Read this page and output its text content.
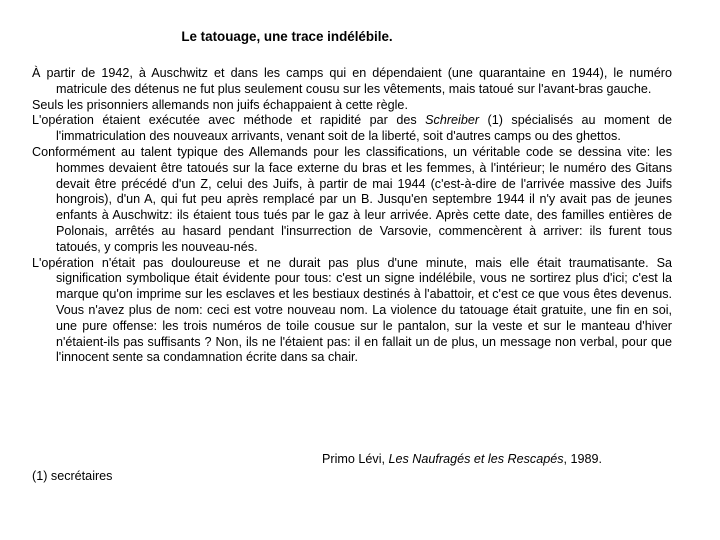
Le tatouage, une trace indélébile.

À partir de 1942, à Auschwitz et dans les camps qui en dépendaient (une quarantaine en 1944), le numéro matricule des détenus ne fut plus seulement cousu sur les vêtements, mais tatoué sur l'avant-bras gauche.

Seuls les prisonniers allemands non juifs échappaient à cette règle.

L'opération étaient exécutée avec méthode et rapidité par des Schreiber (1) spécialisés au moment de l'immatriculation des nouveaux arrivants, venant soit de la liberté, soit d'autres camps ou des ghettos.

Conformément au talent typique des Allemands pour les classifications, un véritable code se dessina vite: les hommes devaient être tatoués sur la face externe du bras et les femmes, à l'intérieur; le numéro des Gitans devait être précédé d'un Z, celui des Juifs, à partir de mai 1944 (c'est-à-dire de l'arrivée massive des Juifs hongrois), d'un A, qui fut peu après remplacé par un B. Jusqu'en septembre 1944 il n'y avait pas de jeunes enfants à Auschwitz: ils étaient tous tués par le gaz à leur arrivée. Après cette date, des familles entières de Polonais, arrêtés au hasard pendant l'insurrection de Varsovie, commencèrent à arriver: ils furent tous tatoués, y compris les nouveau-nés.

L'opération n'était pas douloureuse et ne durait pas plus d'une minute, mais elle était traumatisante. Sa signification symbolique était évidente pour tous: c'est un signe indélébile, vous ne sortirez plus d'ici; c'est la marque qu'on imprime sur les esclaves et les bestiaux destinés à l'abattoir, et c'est ce que vous êtes devenus. Vous n'avez plus de nom: ceci est votre nouveau nom. La violence du tatouage était gratuite, une fin en soi, une pure offense: les trois numéros de toile cousue sur le pantalon, sur la veste et sur le manteau d'hiver n'étaient-ils pas suffisants ? Non, ils ne l'étaient pas: il en fallait un de plus, un message non verbal, pour que l'innocent sente sa condamnation écrite dans sa chair.

Primo Lévi, Les Naufragés et les Rescapés, 1989.
(1) secrétaires
